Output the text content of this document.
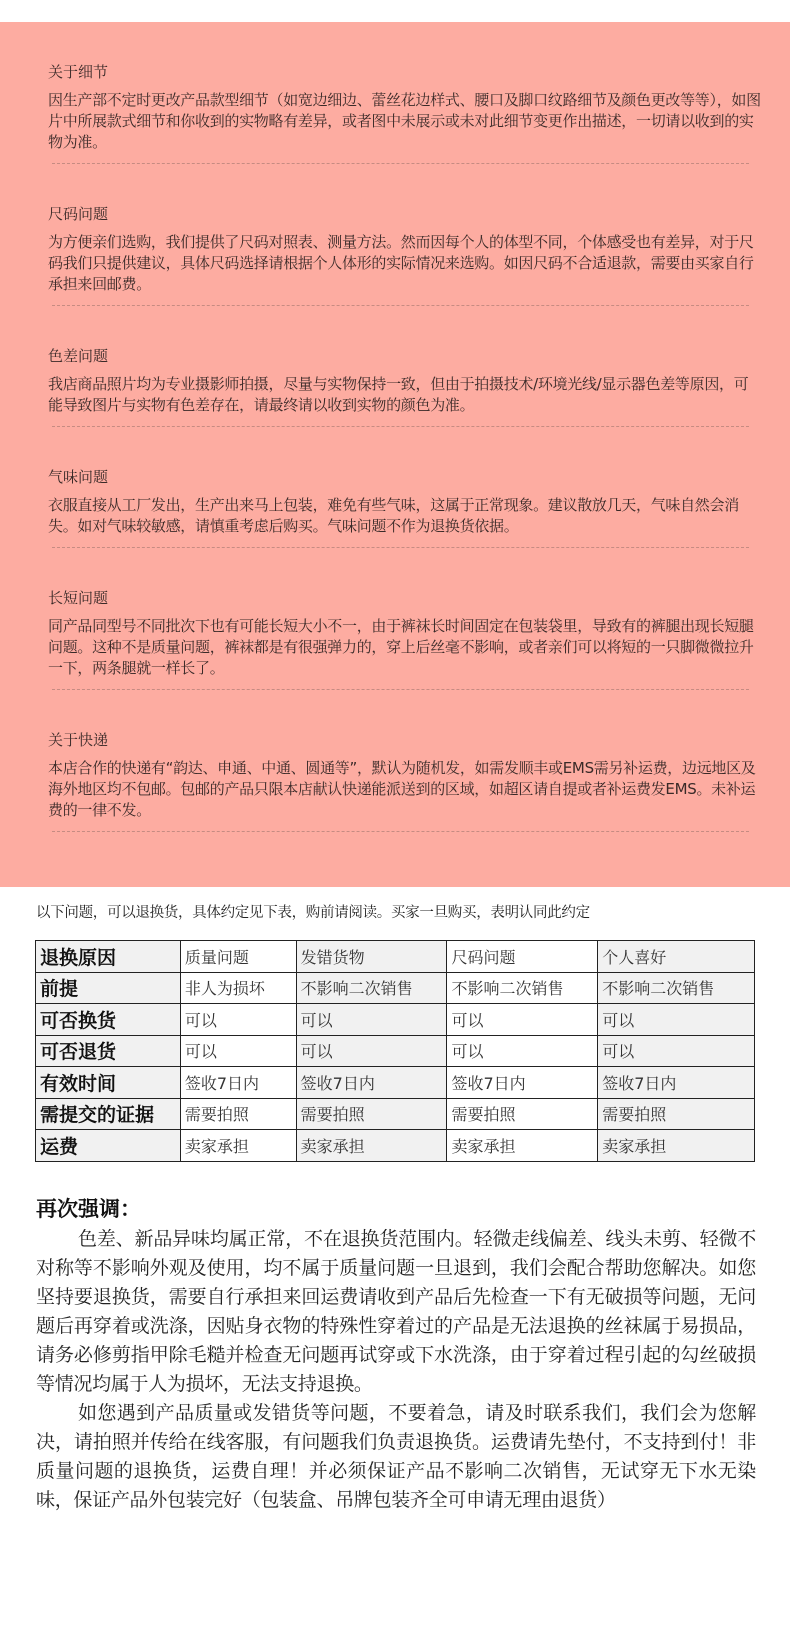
关于细节
因生产部不定时更改产品款型细节（如宽边细边、蕾丝花边样式、腰口及脚口纹路细节及颜色更改等等），如图片中所展款式细节和你收到的实物略有差异，或者图中未展示或未对此细节变更作出描述，一切请以收到的实物为准。
尺码问题
为方便亲们选购，我们提供了尺码对照表、测量方法。然而因每个人的体型不同，个体感受也有差异，对于尺码我们只提供建议，具体尺码选择请根据个人体形的实际情况来选购。如因尺码不合适退款，需要由买家自行承担来回邮费。
色差问题
我店商品照片均为专业摄影师拍摄，尽量与实物保持一致，但由于拍摄技术/环境光线/显示器色差等原因，可能导致图片与实物有色差存在，请最终请以收到实物的颜色为准。
气味问题
衣服直接从工厂发出，生产出来马上包装，难免有些气味，这属于正常现象。建议散放几天，气味自然会消失。如对气味较敏感，请慎重考虑后购买。气味问题不作为退换货依据。
长短问题
同产品同型号不同批次下也有可能长短大小不一，由于裤袜长时间固定在包装袋里，导致有的裤腿出现长短腿问题。这种不是质量问题，裤袜都是有很强弹力的，穿上后丝毫不影响，或者亲们可以将短的一只脚微微拉升一下，两条腿就一样长了。
关于快递
本店合作的快递有“韵达、申通、中通、圆通等”，默认为随机发，如需发顺丰或EMS需另补运费，边远地区及海外地区均不包邮。包邮的产品只限本店献认快递能派送到的区域，如超区请自提或者补运费发EMS。未补运费的一律不发。
以下问题，可以退换货，具体约定见下表，购前请阅读。买家一旦购买，表明认同此约定
退换原因	质量问题	发错货物	尺码问题	个人喜好
前提	非人为损坏	不影响二次销售	不影响二次销售	不影响二次销售
可否换货	可以	可以	可以	可以
可否退货	可以	可以	可以	可以
有效时间	签收7日内	签收7日内	签收7日内	签收7日内
需提交的证据	需要拍照	需要拍照	需要拍照	需要拍照
运费	卖家承担	卖家承担	卖家承担	卖家承担
再次强调：

色差、新品异味均属正常，不在退换货范围内。轻微走线偏差、线头未剪、轻微不对称等不影响外观及使用，均不属于质量问题一旦退到，我们会配合帮助您解决。如您坚持要退换货，需要自行承担来回运费请收到产品后先检查一下有无破损等问题，无问题后再穿着或洗涤，因贴身衣物的特殊性穿着过的产品是无法退换的丝袜属于易损品，请务必修剪指甲除毛糙并检查无问题再试穿或下水洗涤，由于穿着过程引起的勾丝破损等情况均属于人为损坏，无法支持退换。

如您遇到产品质量或发错货等问题，不要着急，请及时联系我们，我们会为您解决，请拍照并传给在线客服，有问题我们负责退换货。运费请先垫付，不支持到付！非质量问题的退换货，运费自理！并必须保证产品不影响二次销售，无试穿无下水无染味，保证产品外包装完好（包装盒、吊牌包装齐全可申请无理由退货）
